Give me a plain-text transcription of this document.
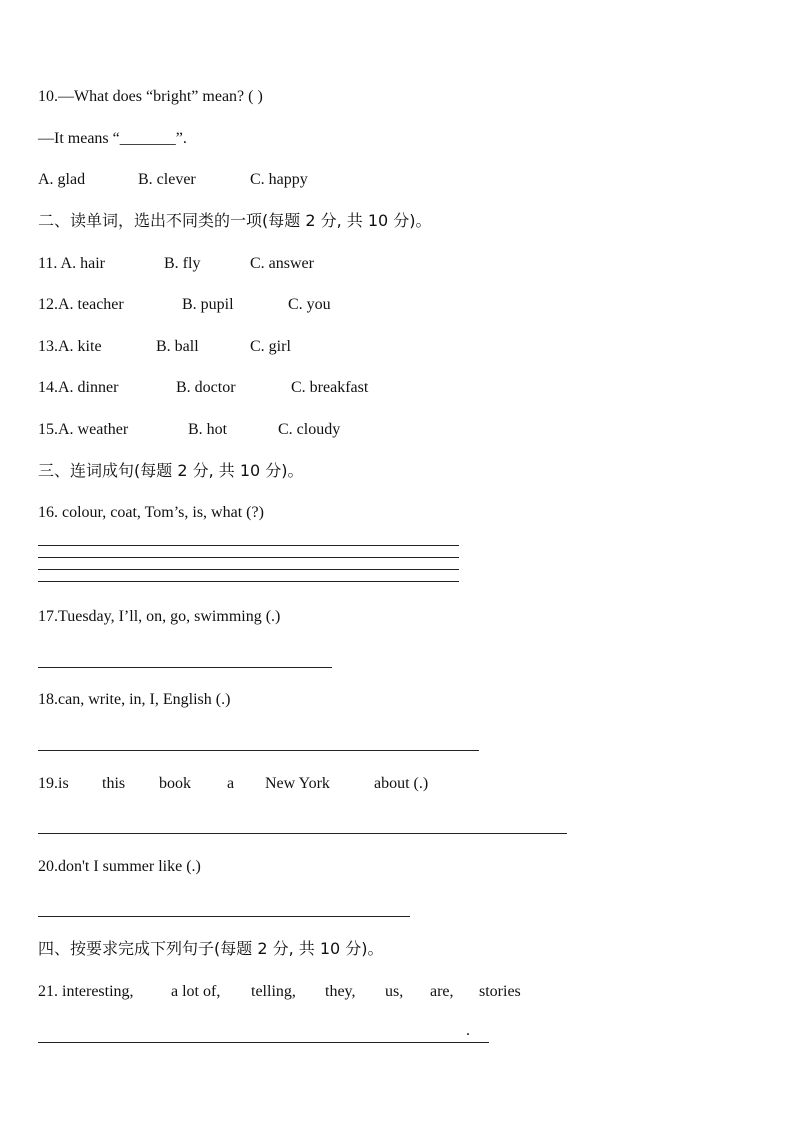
10.—What does “bright” mean? ( )
—It means “_______”.
A. glad	B. clever	C. happy
二、读单词，选出不同类的一项(每题 2 分, 共 10 分)。
11. A. hair	B. fly	C. answer
12.A. teacher	B. pupil	C. you
13.A. kite	B. ball	C. girl
14.A. dinner	B. doctor	C. breakfast
15.A. weather	B. hot	C. cloudy
三、连词成句(每题 2 分, 共 10 分)。
16. colour, coat, Tom’s, is, what (?)
17.Tuesday, I’ll, on, go, swimming (.)
18.can, write, in, I, English (.)
19.is this book a New York	about (.)
20.don't I summer like (.)
四、按要求完成下列句子(每题 2 分, 共 10 分)。
21. interesting, a lot of, telling, they, us, are, stories
.
